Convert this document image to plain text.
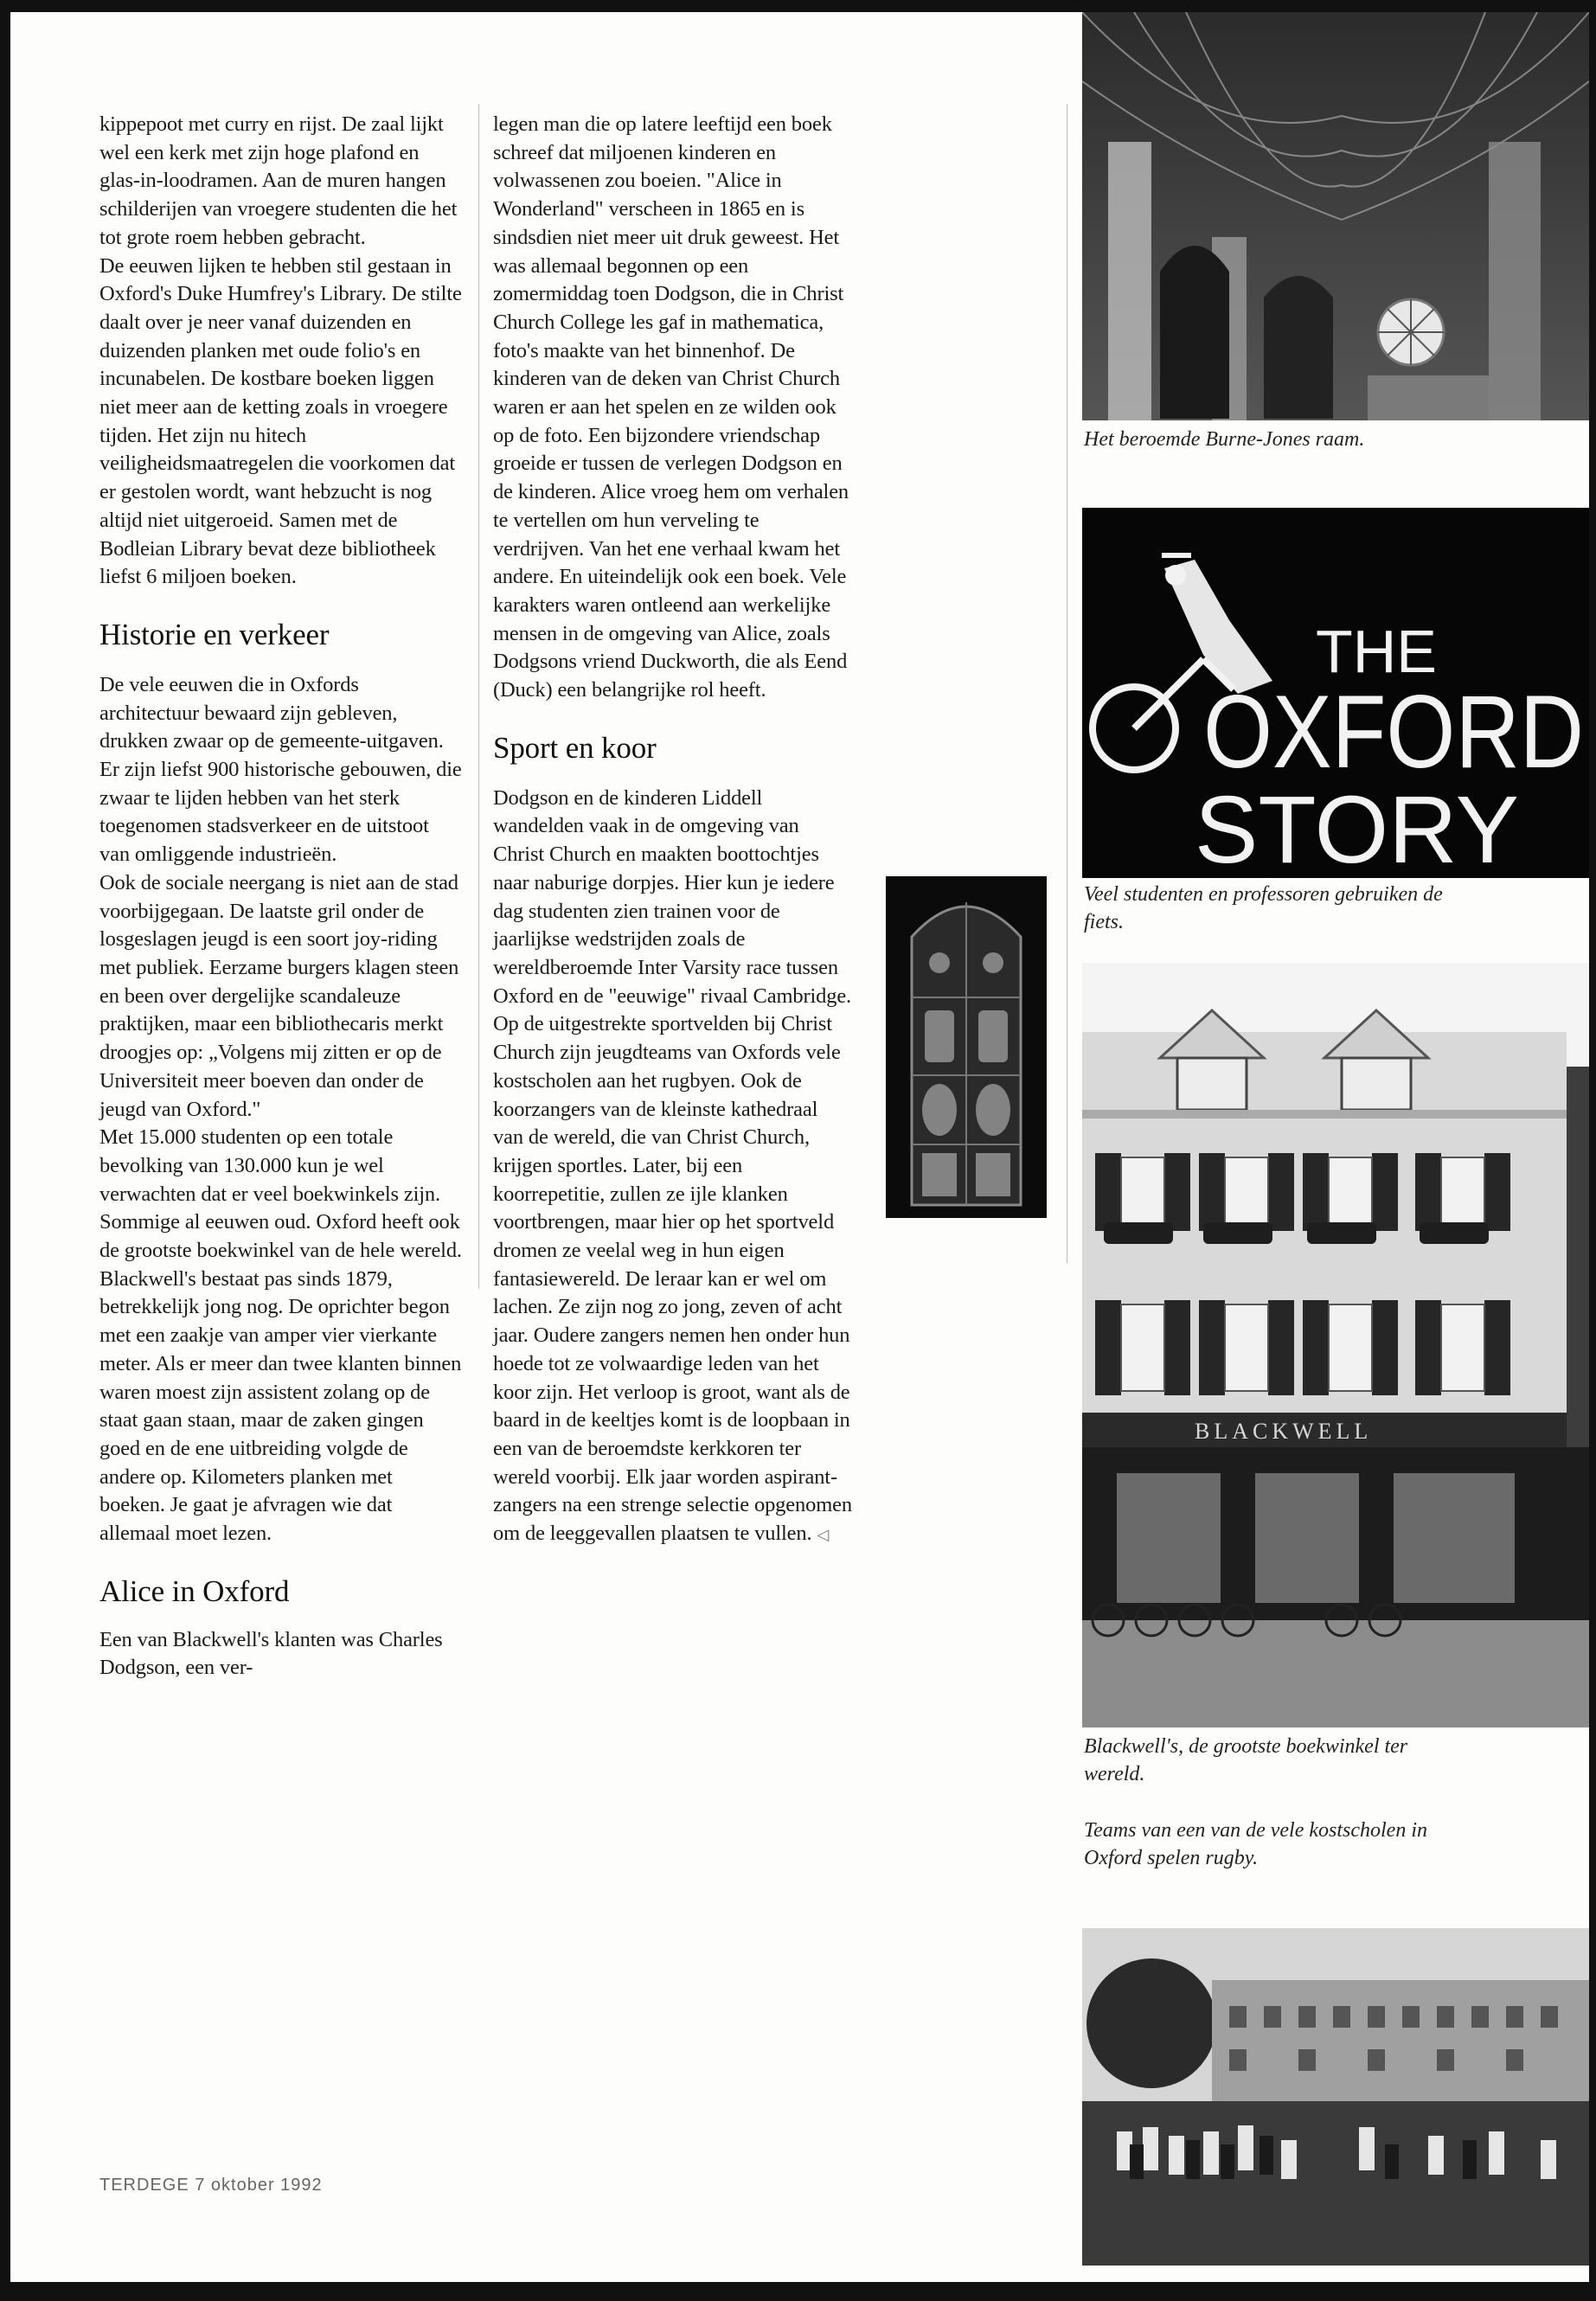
kippepoot met curry en rijst. De zaal lijkt wel een kerk met zijn hoge plafond en glas-in-loodramen. Aan de muren hangen schilderijen van vroegere studenten die het tot grote roem hebben gebracht.

De eeuwen lijken te hebben stil gestaan in Oxford's Duke Humfrey's Library. De stilte daalt over je neer vanaf duizenden en duizenden planken met oude folio's en incunabelen. De kostbare boeken liggen niet meer aan de ketting zoals in vroegere tijden. Het zijn nu hitech veiligheidsmaatregelen die voorkomen dat er gestolen wordt, want hebzucht is nog altijd niet uitgeroeid. Samen met de Bodleian Library bevat deze bibliotheek liefst 6 miljoen boeken.

Historie en verkeer

De vele eeuwen die in Oxfords architectuur bewaard zijn gebleven, drukken zwaar op de gemeente-uitgaven. Er zijn liefst 900 historische gebouwen, die zwaar te lijden hebben van het sterk toegenomen stadsverkeer en de uitstoot van omliggende industrieën.

Ook de sociale neergang is niet aan de stad voorbijgegaan. De laatste gril onder de losgeslagen jeugd is een soort joy-riding met publiek. Eerzame burgers klagen steen en been over dergelijke scandaleuze praktijken, maar een bibliothecaris merkt droogjes op: „Volgens mij zitten er op de Universiteit meer boeven dan onder de jeugd van Oxford."

Met 15.000 studenten op een totale bevolking van 130.000 kun je wel verwachten dat er veel boekwinkels zijn. Sommige al eeuwen oud. Oxford heeft ook de grootste boekwinkel van de hele wereld. Blackwell's bestaat pas sinds 1879, betrekkelijk jong nog. De oprichter begon met een zaakje van amper vier vierkante meter. Als er meer dan twee klanten binnen waren moest zijn assistent zolang op de staat gaan staan, maar de zaken gingen goed en de ene uitbreiding volgde de andere op. Kilometers planken met boeken. Je gaat je afvragen wie dat allemaal moet lezen.

Alice in Oxford

Een van Blackwell's klanten was Charles Dodgson, een ver-

legen man die op latere leeftijd een boek schreef dat miljoenen kinderen en volwassenen zou boeien. "Alice in Wonderland" verscheen in 1865 en is sindsdien niet meer uit druk geweest. Het was allemaal begonnen op een zomermiddag toen Dodgson, die in Christ Church College les gaf in mathematica, foto's maakte van het binnenhof. De kinderen van de deken van Christ Church waren er aan het spelen en ze wilden ook op de foto. Een bijzondere vriendschap groeide er tussen de verlegen Dodgson en de kinderen. Alice vroeg hem om verhalen te vertellen om hun verveling te verdrijven. Van het ene verhaal kwam het andere. En uiteindelijk ook een boek. Vele karakters waren ontleend aan werkelijke mensen in de omgeving van Alice, zoals Dodgsons vriend Duckworth, die als Eend (Duck) een belangrijke rol heeft.

Sport en koor

Dodgson en de kinderen Liddell wandelden vaak in de omgeving van Christ Church en maakten boottochtjes naar naburige dorpjes. Hier kun je iedere dag studenten zien trainen voor de jaarlijkse wedstrijden zoals de wereldberoemde Inter Varsity race tussen Oxford en de "eeuwige" rivaal Cambridge. Op de uitgestrekte sportvelden bij Christ Church zijn jeugdteams van Oxfords vele kostscholen aan het rugbyen. Ook de koorzangers van de kleinste kathedraal van de wereld, die van Christ Church, krijgen sportles. Later, bij een koorrepetitie, zullen ze ijle klanken voortbrengen, maar hier op het sportveld dromen ze veelal weg in hun eigen fantasiewereld. De leraar kan er wel om lachen. Ze zijn nog zo jong, zeven of acht jaar. Oudere zangers nemen hen onder hun hoede tot ze volwaardige leden van het koor zijn. Het verloop is groot, want als de baard in de keeltjes komt is de loopbaan in een van de beroemdste kerkkoren ter wereld voorbij. Elk jaar worden aspirant-zangers na een strenge selectie opgenomen om de leeggevallen plaatsen te vullen. ◁

Het beroemde Burne-Jones raam.
THE
OXFORD
STORY
Veel studenten en professoren gebruiken de fiets.
BLACKWELL
Blackwell's, de grootste boekwinkel ter wereld.
Teams van een van de vele kostscholen in Oxford spelen rugby.
TERDEGE 7 oktober 1992
